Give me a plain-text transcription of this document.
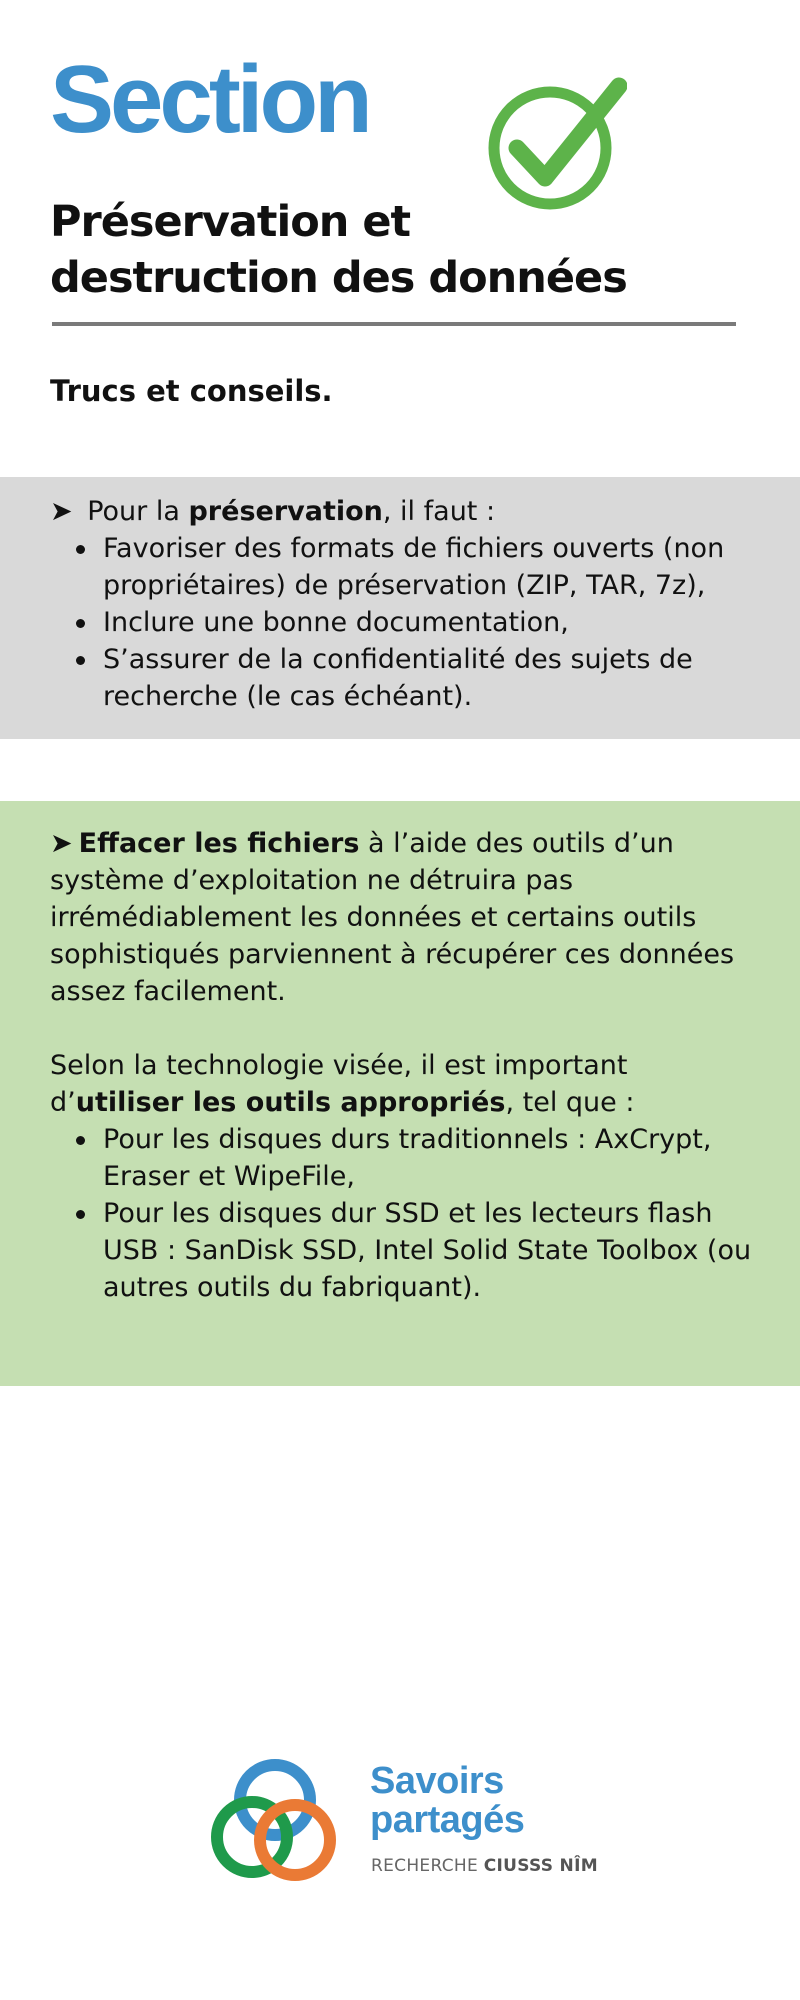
Section
Préservation et
destruction des données
Trucs et conseils.

➤ Pour la préservation, il faut :

Favoriser des formats de fichiers ouverts (non propriétaires) de préservation (ZIP, TAR, 7z),
Inclure une bonne documentation,
S’assurer de la confidentialité des sujets de recherche (le cas échéant).

➤ Effacer les fichiers à l’aide des outils d’un système d’exploitation ne détruira pas irrémédiablement les données et certains outils sophistiqués parviennent à récupérer ces données assez facilement.

Selon la technologie visée, il est important d’utiliser les outils appropriés, tel que :

Pour les disques durs traditionnels : AxCrypt, Eraser et WipeFile,
Pour les disques dur SSD et les lecteurs flash USB : SanDisk SSD, Intel Solid State Toolbox (ou autres outils du fabriquant).
Savoirs
partagés
RECHERCHE CIUSSS NÎM
